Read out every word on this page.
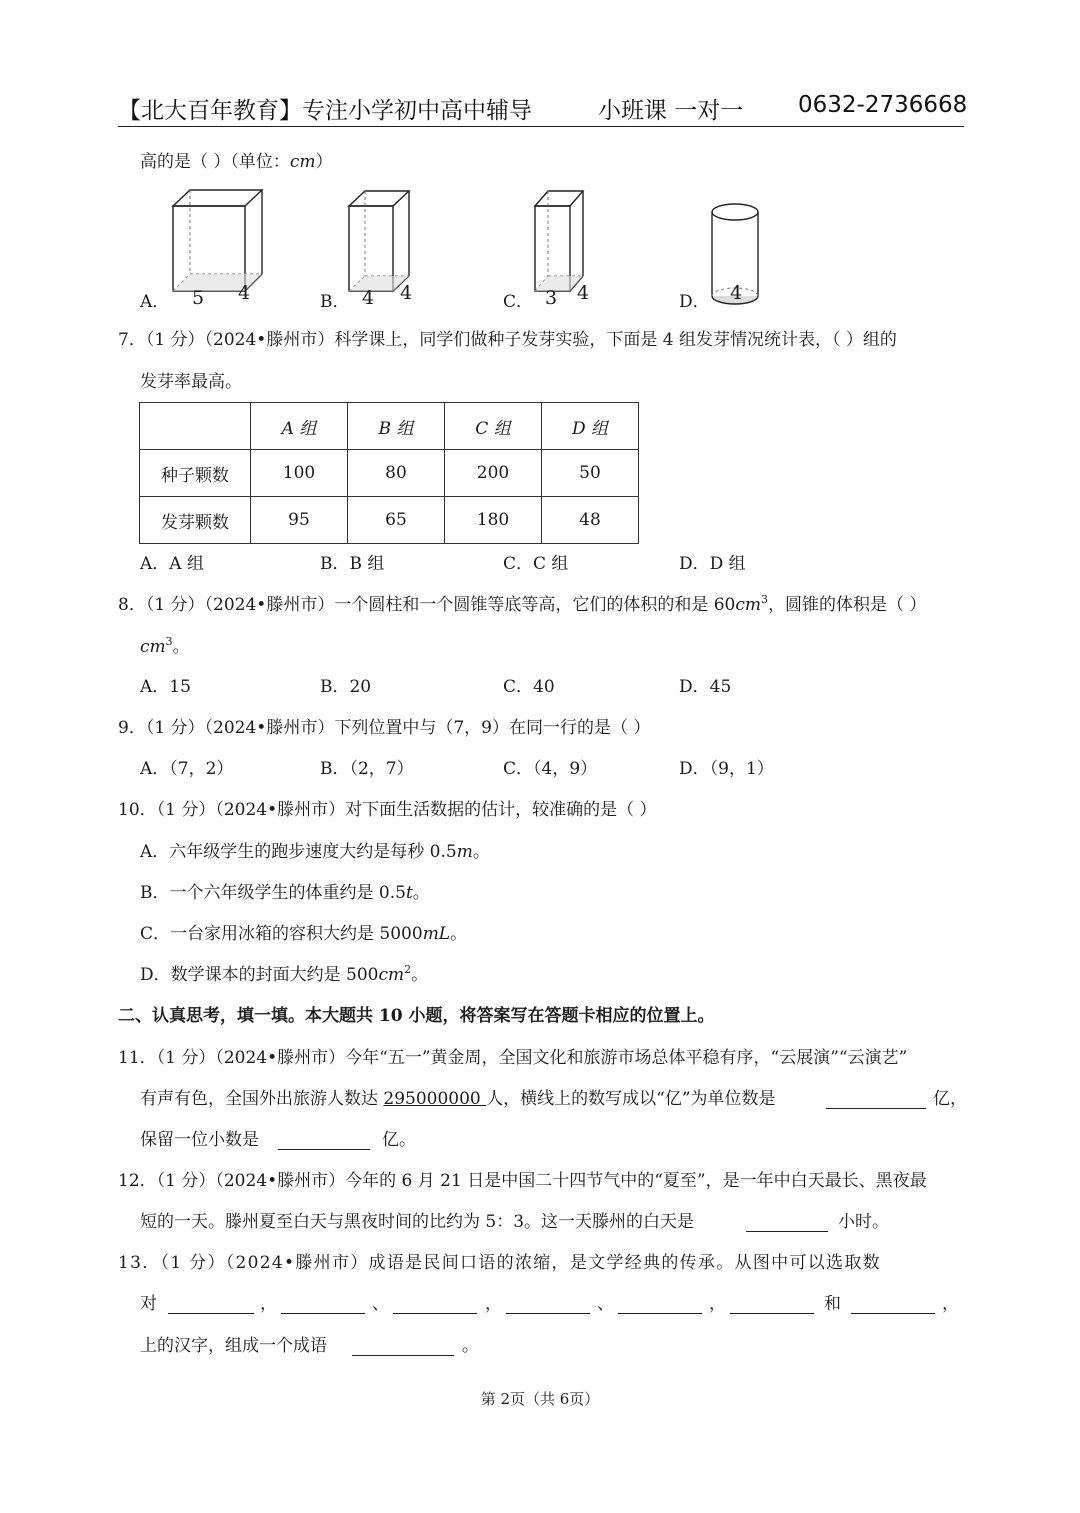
【北大百年教育】专注小学初中高中辅导	小班课 一对一 0632-2736668
高的是（ ）（单位：cm）
A． 5 4	B． 4 4	C． 3 4	D． 4
7．（1 分）（2024•滕州市）科学课上，同学们做种子发芽实验，下面是 4 组发芽情况统计表，（ ）组的
发芽率最高。
	A 组	B 组	C 组	D 组
种子颗数	100	80	200	50
发芽颗数	95	65	180	48
A．A 组	B．B 组	C．C 组	D．D 组
8．（1 分）（2024•滕州市）一个圆柱和一个圆锥等底等高，它们的体积的和是 $60cm^3$，圆锥的体积是（ ）
$cm^3$。
A．15	B．20	C．40	D．45
9．（1 分）（2024•滕州市）下列位置中与（7，9）在同一行的是（ ）
A．（7，2）	B．（2，7）	C．（4，9）	D．（9，1）
10．（1 分）（2024•滕州市）对下面生活数据的估计，较准确的是（ ）
A．六年级学生的跑步速度大约是每秒 0.5m。
B．一个六年级学生的体重约是 0.5t。
C．一台家用冰箱的容积大约是 5000mL。
D．数学课本的封面大约是 $500cm^2$。
二、认真思考，填一填。本大题共 10 小题，将答案写在答题卡相应的位置上。
11．（1 分）（2024•滕州市）今年“五一”黄金周，全国文化和旅游市场总体平稳有序，“云展演”“云演艺”
有声有色，全国外出旅游人数达 295000000 人，横线上的数写成以“亿”为单位数是	亿，
保留一位小数是	亿。
12．（1 分）（2024•滕州市）今年的 6 月 21 日是中国二十四节气中的“夏至”，是一年中白天最长、黑夜最
短的一天。滕州夏至白天与黑夜时间的比约为 5：3。这一天滕州的白天是	小时。
13．（1 分）（2024•滕州市）成语是民间口语的浓缩，是文学经典的传承。从图中可以选取数
对	，	、	，	、	，	和	，
上的汉字，组成一个成语	。
第 2页（共 6页）
